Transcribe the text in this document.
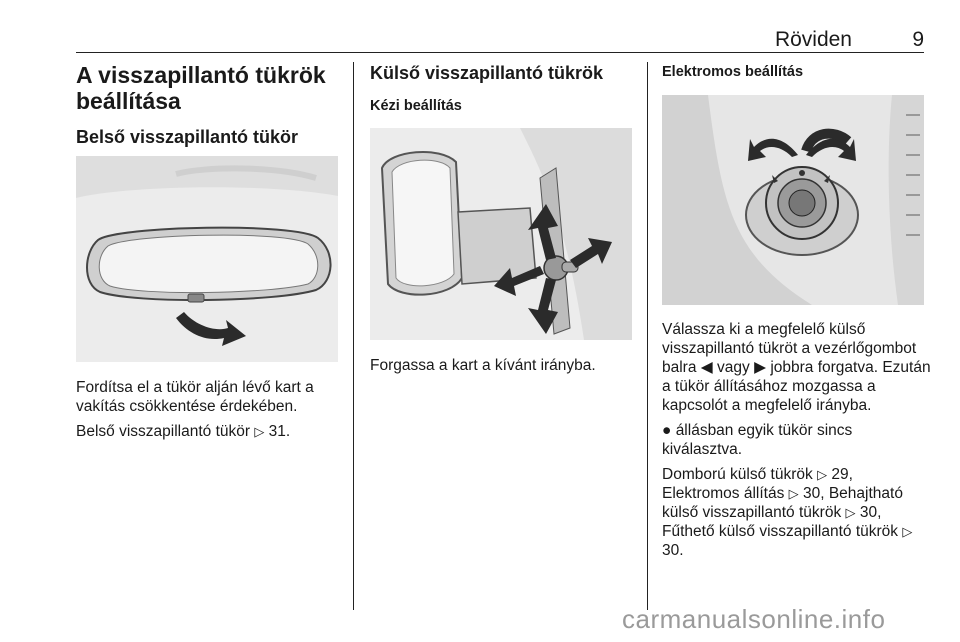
Röviden	9
A visszapillantó tükrök beállítása
Belső visszapillantó tükör

Fordítsa el a tükör alján lévő kart a vakítás csökkentése érdekében.

Belső visszapillantó tükör ▷ 31.

Külső visszapillantó tükrök
Kézi beállítás

Forgassa a kart a kívánt irányba.

Elektromos beállítás

Válassza ki a megfelelő külső visszapillantó tükröt a vezérlőgombot balra ◀ vagy ▶ jobbra forgatva. Ezután a tükör állításához mozgassa a kapcsolót a megfelelő irányba.

● állásban egyik tükör sincs kiválasztva.

Domború külső tükrök ▷ 29,
Elektromos állítás ▷ 30, Behajtható külső visszapillantó tükrök ▷ 30, Fűthető külső visszapillantó tükrök ▷ 30.

carmanualsonline.info
